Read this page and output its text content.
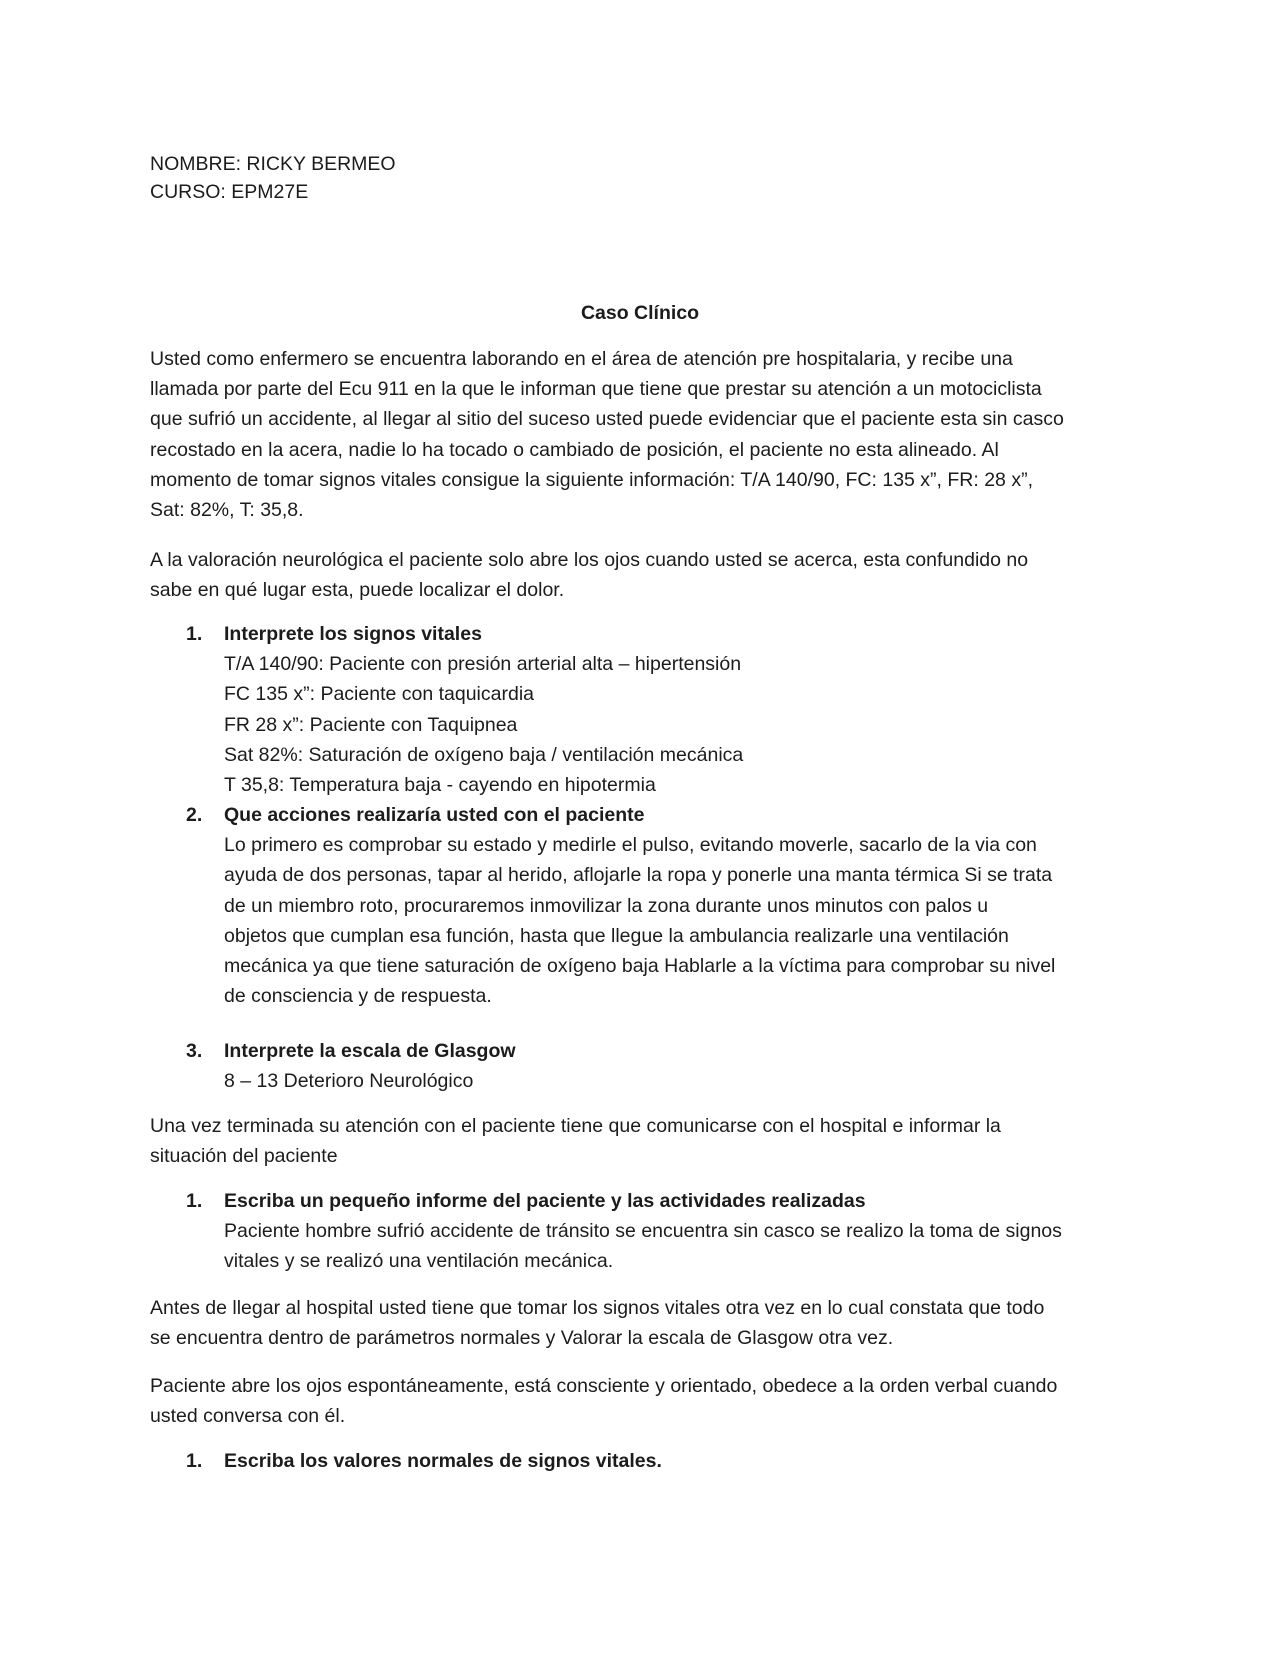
NOMBRE: RICKY BERMEO
CURSO: EPM27E
Caso Clínico
Usted como enfermero se encuentra laborando en el área de atención pre hospitalaria, y recibe una
llamada por parte del Ecu 911 en la que le informan que tiene que prestar su atención a un motociclista
que sufrió un accidente, al llegar al sitio del suceso usted puede evidenciar que el paciente esta sin casco
recostado en la acera, nadie lo ha tocado o cambiado de posición, el paciente no esta alineado. Al
momento de tomar signos vitales consigue la siguiente información: T/A 140/90, FC: 135 x”, FR: 28 x”,
Sat: 82%, T: 35,8.
A la valoración neurológica el paciente solo abre los ojos cuando usted se acerca, esta confundido no
sabe en qué lugar esta, puede localizar el dolor.
1. Interprete los signos vitales
T/A 140/90: Paciente con presión arterial alta – hipertensión
FC 135 x”: Paciente con taquicardia
FR 28 x”: Paciente con Taquipnea
Sat 82%: Saturación de oxígeno baja / ventilación mecánica
T 35,8: Temperatura baja - cayendo en hipotermia
2. Que acciones realizaría usted con el paciente
Lo primero es comprobar su estado y medirle el pulso, evitando moverle, sacarlo de la via con
ayuda de dos personas, tapar al herido, aflojarle la ropa y ponerle una manta térmica Si se trata
de un miembro roto, procuraremos inmovilizar la zona durante unos minutos con palos u
objetos que cumplan esa función, hasta que llegue la ambulancia realizarle una ventilación
mecánica ya que tiene saturación de oxígeno baja Hablarle a la víctima para comprobar su nivel
de consciencia y de respuesta.
3. Interprete la escala de Glasgow
8 – 13 Deterioro Neurológico
Una vez terminada su atención con el paciente tiene que comunicarse con el hospital e informar la
situación del paciente
1. Escriba un pequeño informe del paciente y las actividades realizadas
Paciente hombre sufrió accidente de tránsito se encuentra sin casco se realizo la toma de signos
vitales y se realizó una ventilación mecánica.
Antes de llegar al hospital usted tiene que tomar los signos vitales otra vez en lo cual constata que todo
se encuentra dentro de parámetros normales y Valorar la escala de Glasgow otra vez.
Paciente abre los ojos espontáneamente, está consciente y orientado, obedece a la orden verbal cuando
usted conversa con él.
1. Escriba los valores normales de signos vitales.
